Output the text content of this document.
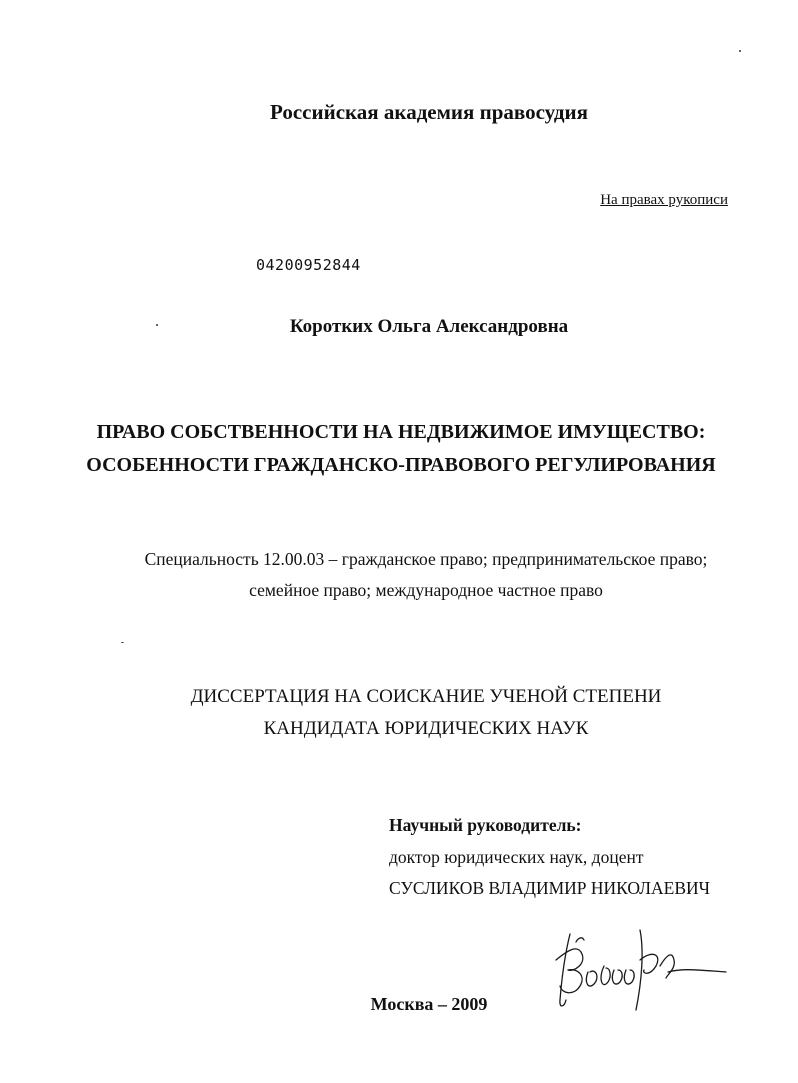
Российская академия правосудия
На правах рукописи
04200952844
Коротких Ольга Александровна
ПРАВО СОБСТВЕННОСТИ НА НЕДВИЖИМОЕ ИМУЩЕСТВО:
ОСОБЕННОСТИ ГРАЖДАНСКО-ПРАВОВОГО РЕГУЛИРОВАНИЯ
Специальность 12.00.03 – гражданское право; предпринимательское право;
семейное право; международное частное право
ДИССЕРТАЦИЯ НА СОИСКАНИЕ УЧЕНОЙ СТЕПЕНИ
КАНДИДАТА ЮРИДИЧЕСКИХ НАУК
Научный руководитель:
доктор юридических наук, доцент
СУСЛИКОВ ВЛАДИМИР НИКОЛАЕВИЧ
Москва – 2009
